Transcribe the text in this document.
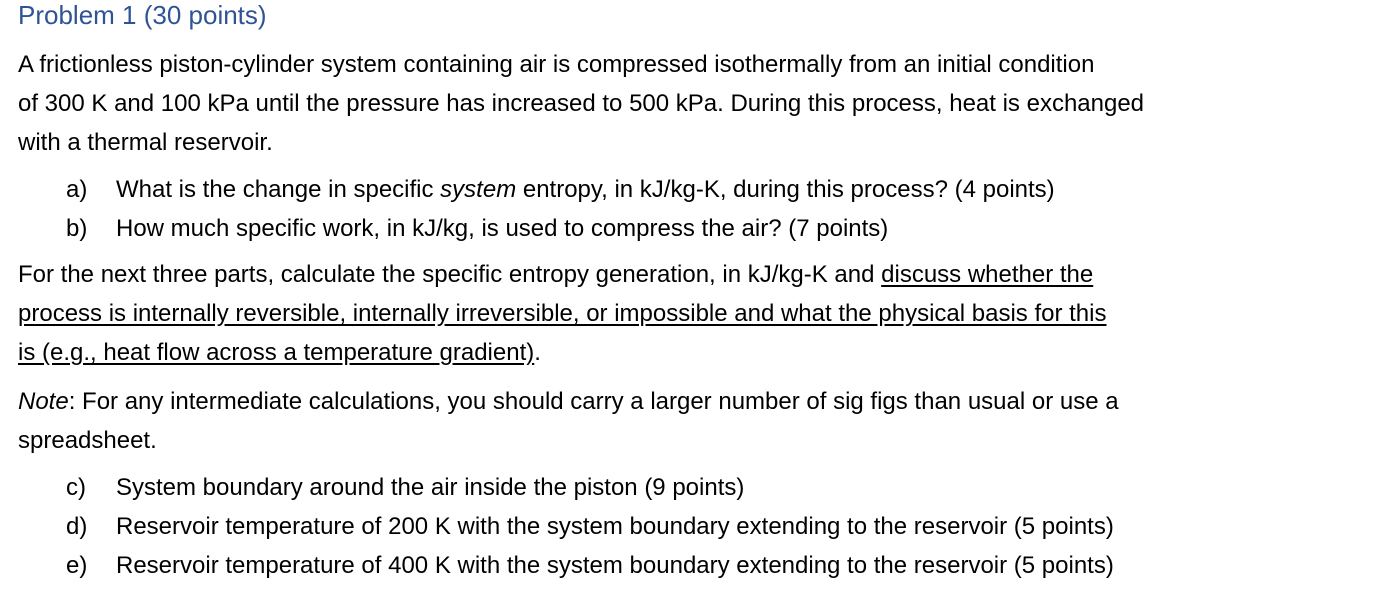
Problem 1 (30 points)
A frictionless piston-cylinder system containing air is compressed isothermally from an initial condition
of 300 K and 100 kPa until the pressure has increased to 500 kPa. During this process, heat is exchanged
with a thermal reservoir.
a) What is the change in specific system entropy, in kJ/kg-K, during this process? (4 points)
b) How much specific work, in kJ/kg, is used to compress the air? (7 points)
For the next three parts, calculate the specific entropy generation, in kJ/kg-K and discuss whether the
process is internally reversible, internally irreversible, or impossible and what the physical basis for this
is (e.g., heat flow across a temperature gradient).
Note: For any intermediate calculations, you should carry a larger number of sig figs than usual or use a
spreadsheet.
c) System boundary around the air inside the piston (9 points)
d) Reservoir temperature of 200 K with the system boundary extending to the reservoir (5 points)
e) Reservoir temperature of 400 K with the system boundary extending to the reservoir (5 points)
